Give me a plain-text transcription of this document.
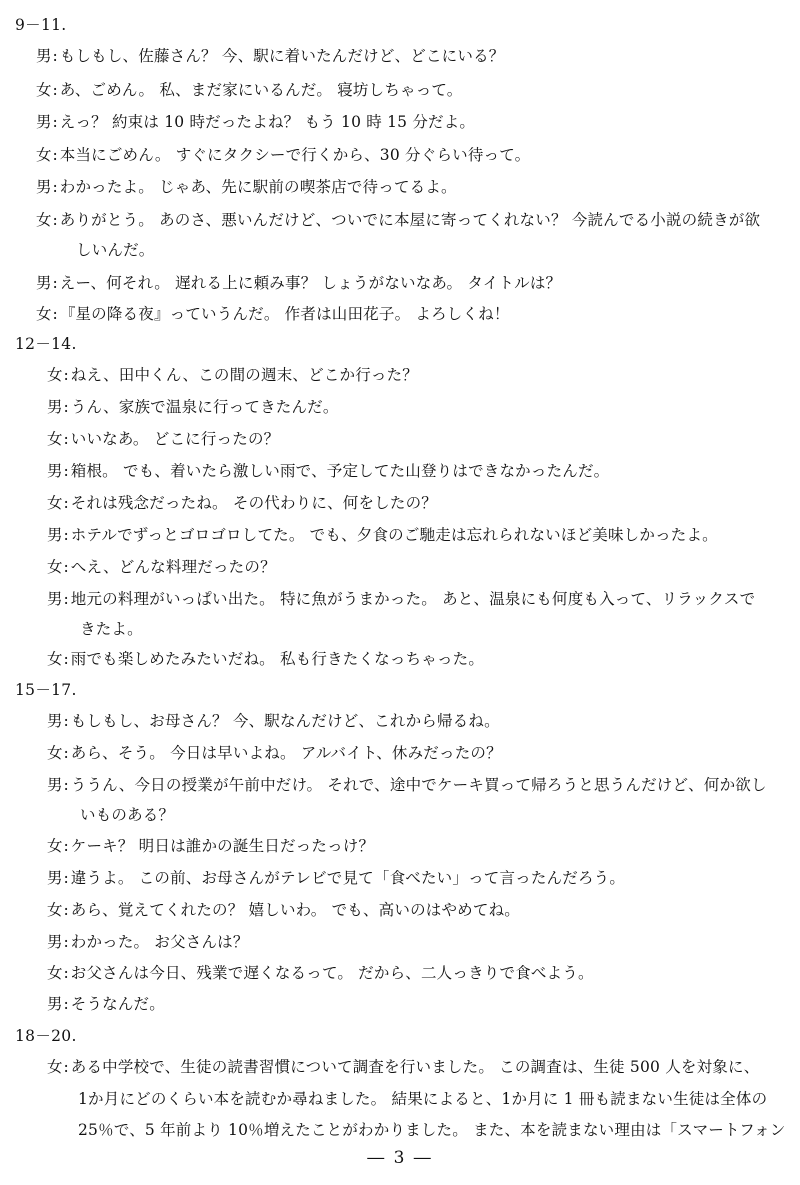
9－11.
男 : もしもし、佐藤さん？ 今、駅に着いたんだけど、どこにいる？
女 : あ、ごめん。 私、まだ家にいるんだ。 寝坊しちゃって。
男 : えっ？ 約束は 10 時だったよね？ もう 10 時 15 分だよ。
女 : 本当にごめん。 すぐにタクシーで行くから、30 分ぐらい待って。
男 : わかったよ。 じゃあ、先に駅前の喫茶店で待ってるよ。
女 : ありがとう。 あのさ、悪いんだけど、ついでに本屋に寄ってくれない？ 今読んでる小説の続きが欲
しいんだ。
男 : えー、何それ。 遅れる上に頼み事？ しょうがないなあ。 タイトルは？
女 : 『星の降る夜』っていうんだ。 作者は山田花子。 よろしくね！
12－14.
女 : ねえ、田中くん、この間の週末、どこか行った？
男 : うん、家族で温泉に行ってきたんだ。
女 : いいなあ。 どこに行ったの？
男 : 箱根。 でも、着いたら激しい雨で、予定してた山登りはできなかったんだ。
女 : それは残念だったね。 その代わりに、何をしたの？
男 : ホテルでずっとゴロゴロしてた。 でも、夕食のご馳走は忘れられないほど美味しかったよ。
女 : へえ、どんな料理だったの？
男 : 地元の料理がいっぱい出た。 特に魚がうまかった。 あと、温泉にも何度も入って、リラックスで
きたよ。
女 : 雨でも楽しめたみたいだね。 私も行きたくなっちゃった。
15－17.
男 : もしもし、お母さん？ 今、駅なんだけど、これから帰るね。
女 : あら、そう。 今日は早いよね。 アルバイト、休みだったの？
男 : ううん、今日の授業が午前中だけ。 それで、途中でケーキ買って帰ろうと思うんだけど、何か欲し
いものある？
女 : ケーキ？ 明日は誰かの誕生日だったっけ？
男 : 違うよ。 この前、お母さんがテレビで見て「食べたい」って言ったんだろう。
女 : あら、覚えてくれたの？ 嬉しいわ。 でも、高いのはやめてね。
男 : わかった。 お父さんは？
女 : お父さんは今日、残業で遅くなるって。 だから、二人っきりで食べよう。
男 : そうなんだ。
18－20.
女 : ある中学校で、生徒の読書習慣について調査を行いました。 この調査は、生徒 500 人を対象に、
1か月にどのくらい本を読むか尋ねました。 結果によると、1か月に 1 冊も読まない生徒は全体の
25％で、5 年前より 10％増えたことがわかりました。 また、本を読まない理由は「スマートフォン
― 3 ―
